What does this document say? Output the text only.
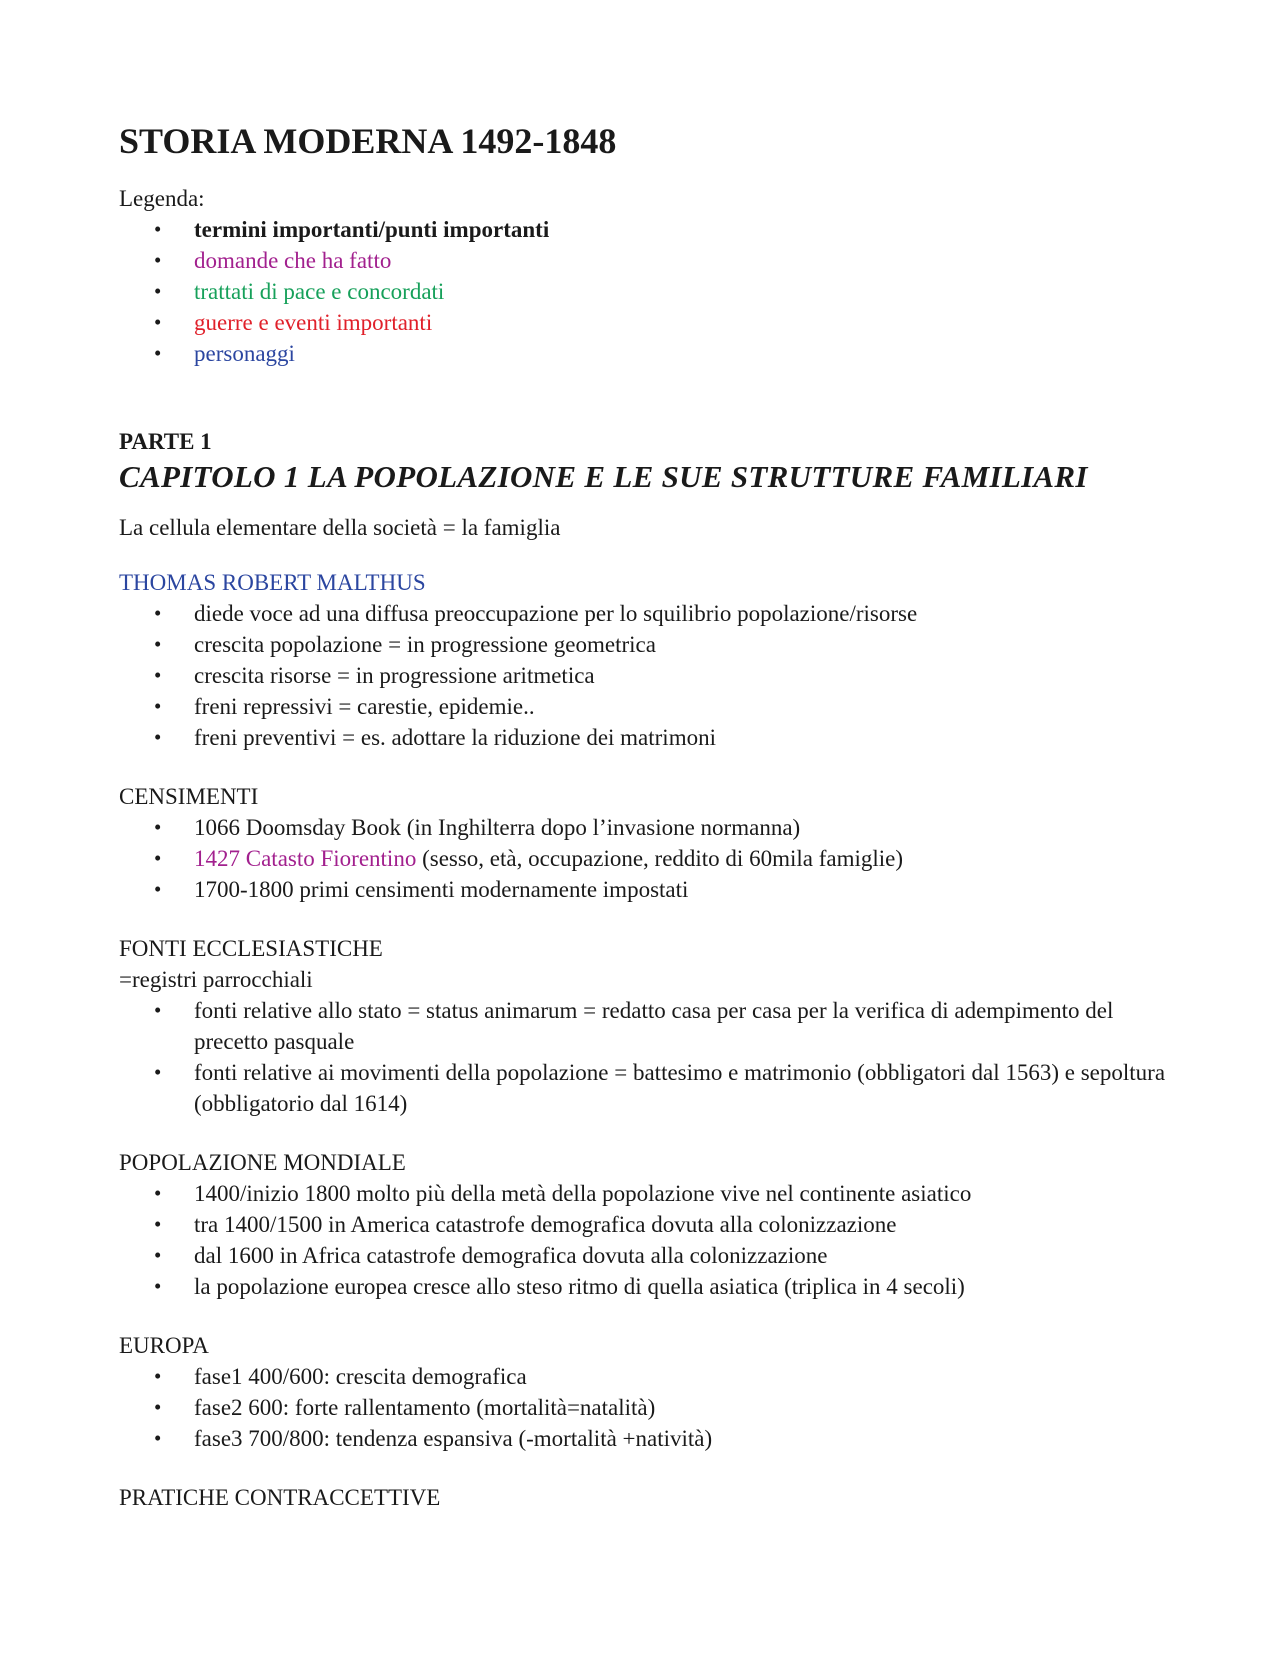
STORIA MODERNA 1492-1848

Legenda:

• termini importanti/punti importanti
• domande che ha fatto
• trattati di pace e concordati
• guerre e eventi importanti
• personaggi

PARTE 1

CAPITOLO 1 LA POPOLAZIONE E LE SUE STRUTTURE FAMILIARI

La cellula elementare della società = la famiglia

THOMAS ROBERT MALTHUS

• diede voce ad una diffusa preoccupazione per lo squilibrio popolazione/risorse
• crescita popolazione = in progressione geometrica
• crescita risorse = in progressione aritmetica
• freni repressivi = carestie, epidemie..
• freni preventivi = es. adottare la riduzione dei matrimoni

CENSIMENTI

• 1066 Doomsday Book (in Inghilterra dopo l’invasione normanna)
• 1427 Catasto Fiorentino (sesso, età, occupazione, reddito di 60mila famiglie)
• 1700-1800 primi censimenti modernamente impostati

FONTI ECCLESIASTICHE

=registri parrocchiali

• fonti relative allo stato = status animarum = redatto casa per casa per la verifica di adempimento del precetto pasquale
• fonti relative ai movimenti della popolazione = battesimo e matrimonio (obbligatori dal 1563) e sepoltura (obbligatorio dal 1614)

POPOLAZIONE MONDIALE

• 1400/inizio 1800 molto più della metà della popolazione vive nel continente asiatico
• tra 1400/1500 in America catastrofe demografica dovuta alla colonizzazione
• dal 1600 in Africa catastrofe demografica dovuta alla colonizzazione
• la popolazione europea cresce allo steso ritmo di quella asiatica (triplica in 4 secoli)

EUROPA

• fase1 400/600: crescita demografica
• fase2 600: forte rallentamento (mortalità=natalità)
• fase3 700/800: tendenza espansiva (-mortalità +natività)

PRATICHE CONTRACCETTIVE
